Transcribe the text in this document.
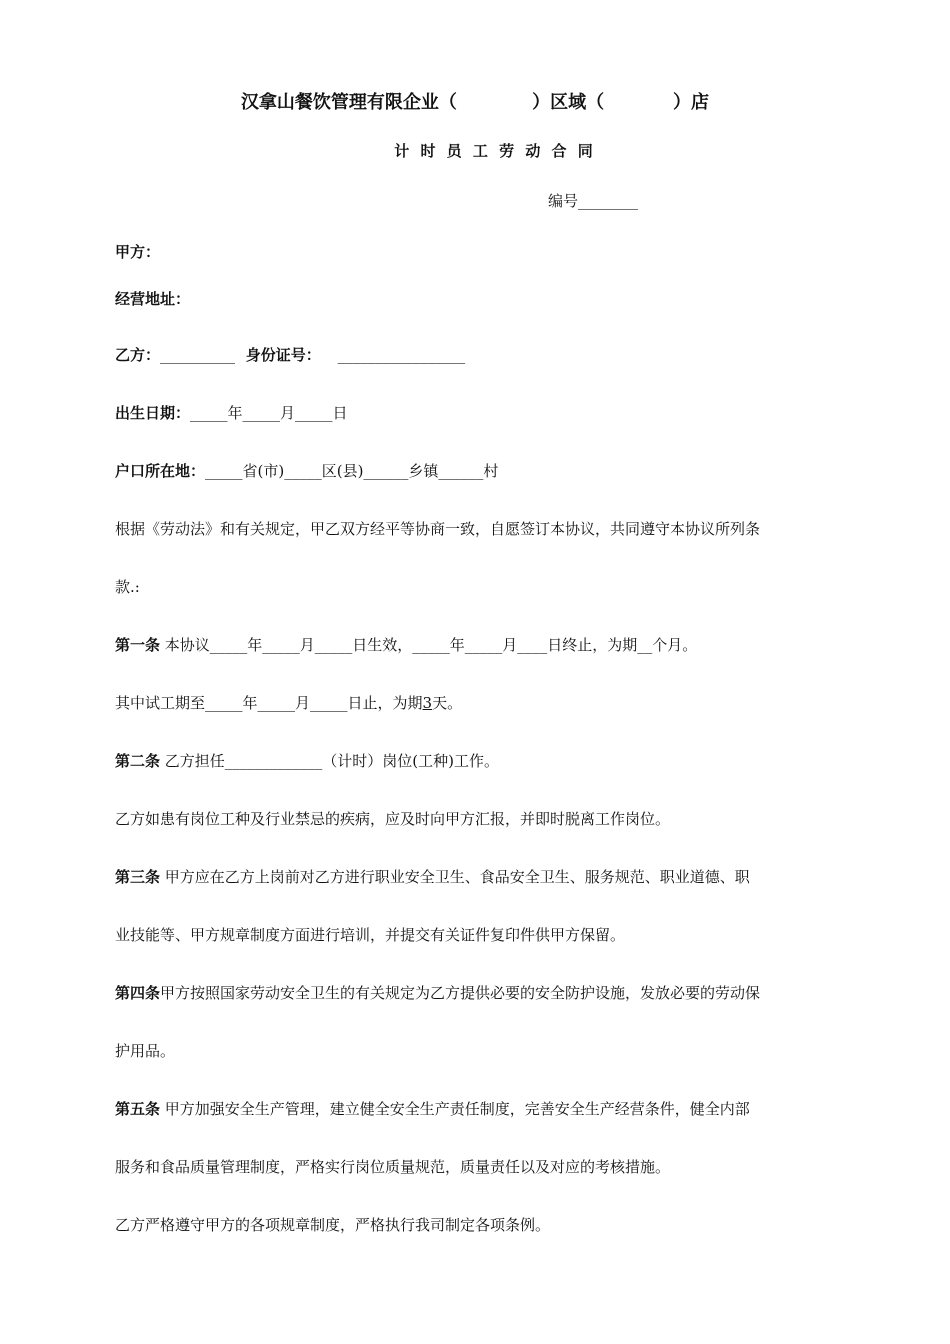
汉拿山餐饮管理有限企业（            ）区域（           ）店
计 时 员 工 劳 动 合 同
编号________
甲方：
经营地址：
乙方：__________ 身份证号： _________________
出生日期：_____年_____月_____日
户口所在地：_____省(市)_____区(县)______乡镇______村
根据《劳动法》和有关规定，甲乙双方经平等协商一致，自愿签订本协议，共同遵守本协议所列条
款.:
第一条 本协议_____年_____月_____日生效，_____年_____月____日终止，为期__个月。
其中试工期至_____年_____月_____日止，为期3天。
第二条 乙方担任_____________（计时）岗位(工种)工作。
乙方如患有岗位工种及行业禁忌的疾病，应及时向甲方汇报，并即时脱离工作岗位。
第三条 甲方应在乙方上岗前对乙方进行职业安全卫生、食品安全卫生、服务规范、职业道德、职
业技能等、甲方规章制度方面进行培训，并提交有关证件复印件供甲方保留。
第四条甲方按照国家劳动安全卫生的有关规定为乙方提供必要的安全防护设施，发放必要的劳动保
护用品。
第五条 甲方加强安全生产管理，建立健全安全生产责任制度，完善安全生产经营条件，健全内部
服务和食品质量管理制度，严格实行岗位质量规范，质量责任以及对应的考核措施。
乙方严格遵守甲方的各项规章制度，严格执行我司制定各项条例。
